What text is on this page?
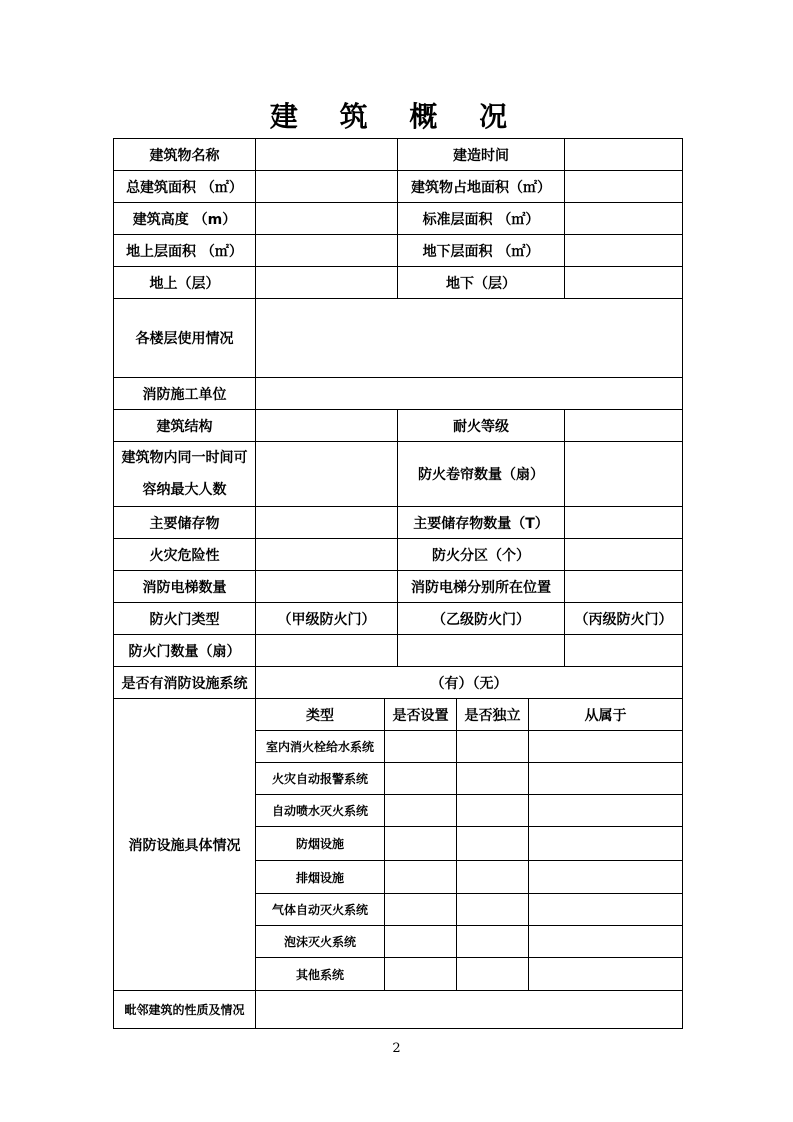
建 筑 概 况
建筑物名称			建造时间			
总建筑面积 （㎡）			建筑物占地面积（㎡）			
建筑高度 （m）			标准层面积 （㎡）			
地上层面积 （㎡）			地下层面积 （㎡）			
地上（层）			地下（层）			
各楼层使用情况						
消防施工单位						
建筑结构			耐火等级			
建筑物内同一时间可
容纳最大人数			防火卷帘数量（扇）			
主要储存物			主要储存物数量（T）			
火灾危险性			防火分区（个）			
消防电梯数量			消防电梯分别所在位置			
防火门类型	（甲级防火门）		（乙级防火门）			（丙级防火门）
防火门数量（扇）						
是否有消防设施系统	（有）（无）					
消防设施具体情况	类型	是否设置		是否独立	从属于	
	室内消火栓给水系统					
	火灾自动报警系统					
	自动喷水灭火系统					
	防烟设施					
	排烟设施					
	气体自动灭火系统					
	泡沫灭火系统					
	其他系统					
毗邻建筑的性质及情况						
2
